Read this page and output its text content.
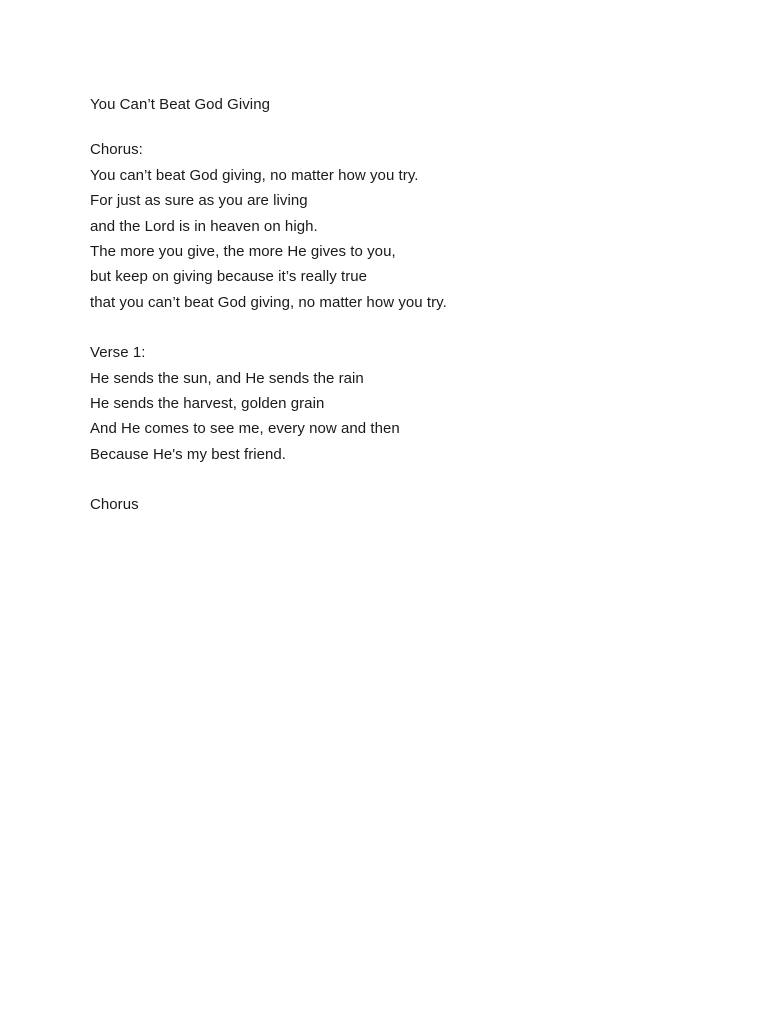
You Can’t Beat God Giving
Chorus:
You can’t beat God giving, no matter how you try.
For just as sure as you are living
and the Lord is in heaven on high.
The more you give, the more He gives to you,
but keep on giving because it’s really true
that you can’t beat God giving, no matter how you try.
Verse 1:
He sends the sun, and He sends the rain
He sends the harvest, golden grain
And He comes to see me, every now and then
Because He's my best friend.
Chorus
